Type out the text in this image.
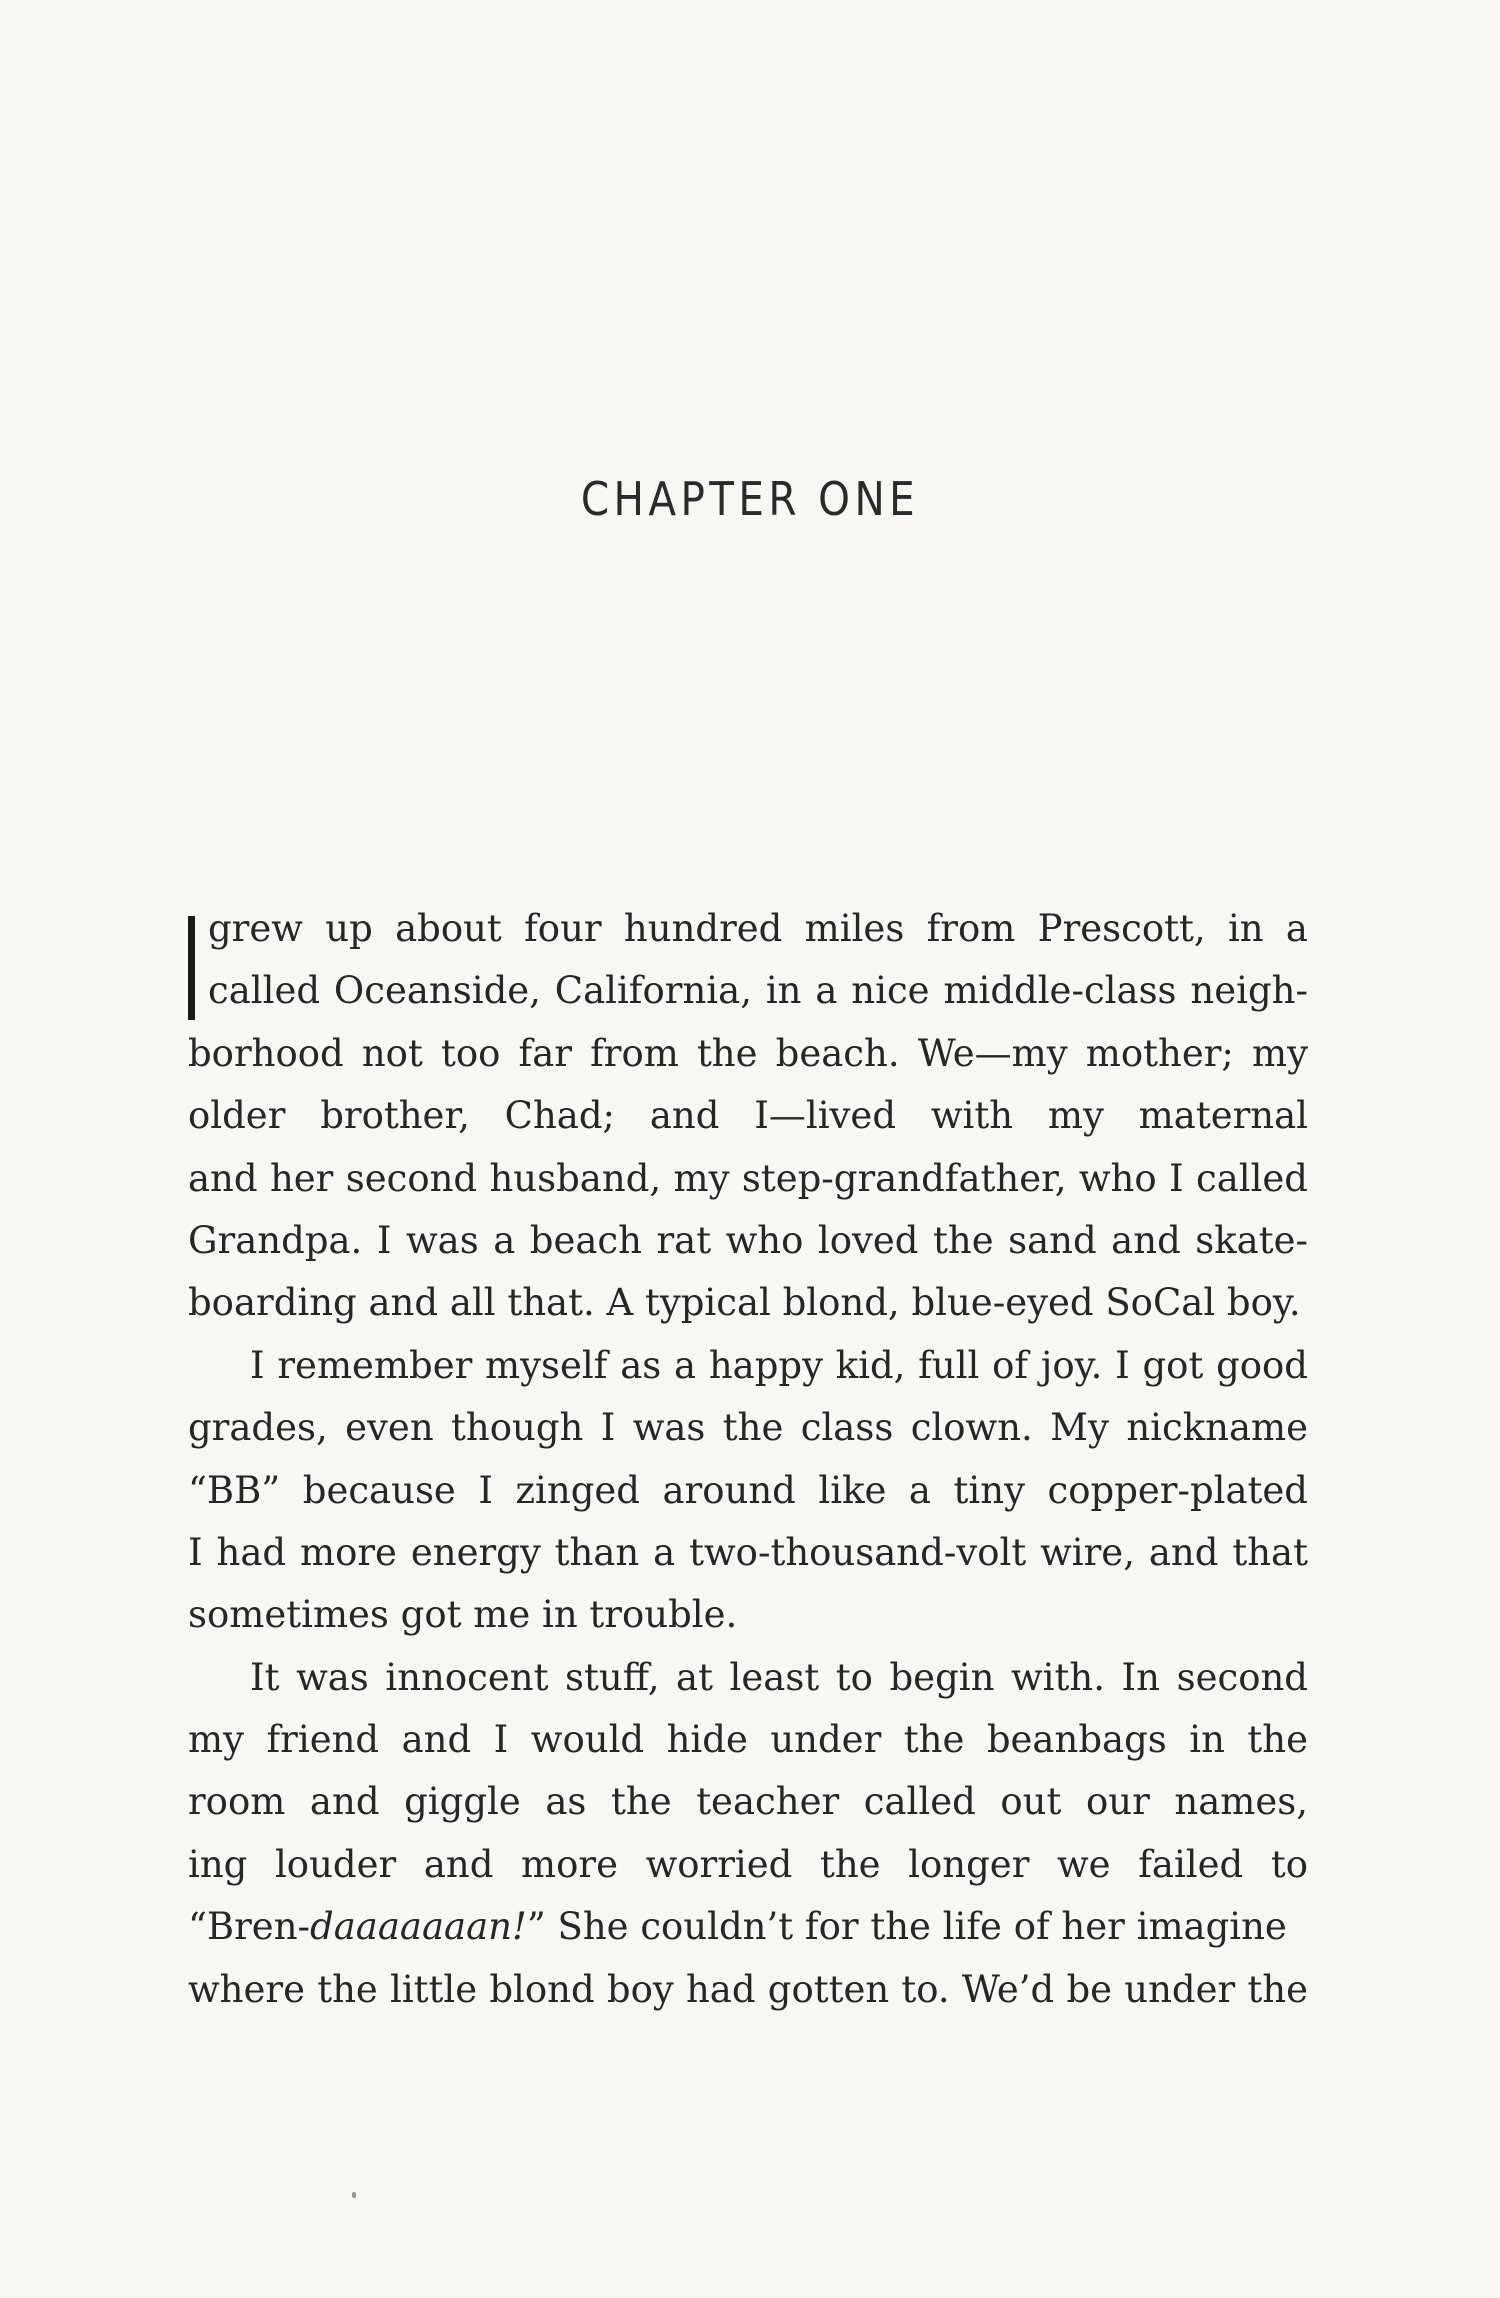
CHAPTER ONE
grew up about four hundred miles from Prescott, in a
called Oceanside, California, in a nice middle-class neigh-
borhood not too far from the beach. We—my mother; my
older brother, Chad; and I—lived with my maternal
and her second husband, my step-grandfather, who I called
Grandpa. I was a beach rat who loved the sand and skate-
boarding and all that. A typical blond, blue-eyed SoCal boy.
I remember myself as a happy kid, full of joy. I got good
grades, even though I was the class clown. My nickname
“BB” because I zinged around like a tiny copper-plated
I had more energy than a two-thousand-volt wire, and that
sometimes got me in trouble.
It was innocent stuff, at least to begin with. In second
my friend and I would hide under the beanbags in the
room and giggle as the teacher called out our names,
ing louder and more worried the longer we failed to
“Bren-daaaaaaan!” She couldn’t for the life of her imagine
where the little blond boy had gotten to. We’d be under the
